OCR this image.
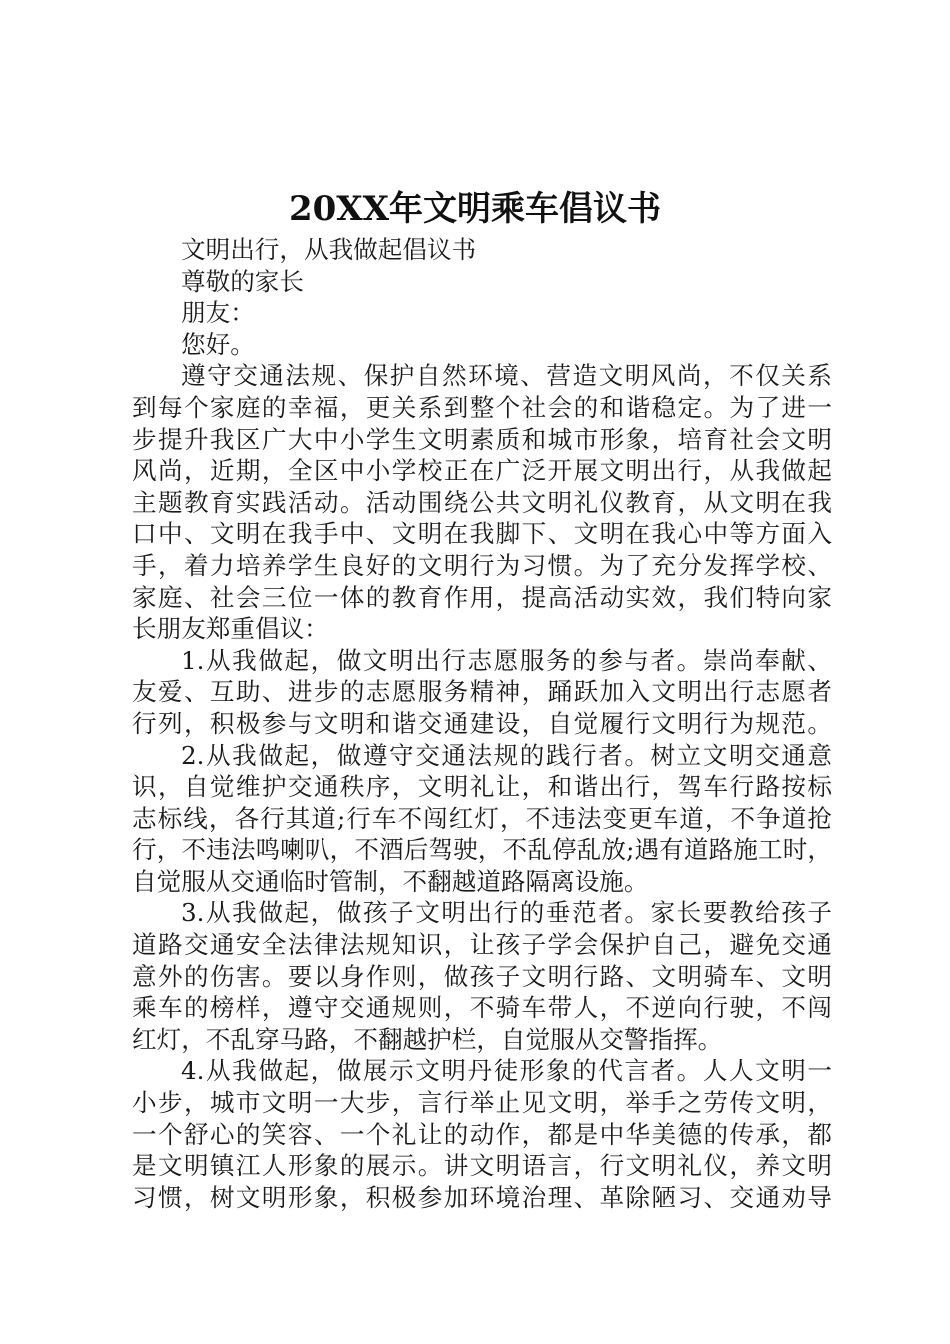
20XX年文明乘车倡议书
文明出行，从我做起倡议书
尊敬的家长
朋友：
您好。
遵守交通法规、保护自然环境、营造文明风尚，不仅关系
到每个家庭的幸福，更关系到整个社会的和谐稳定。为了进一
步提升我区广大中小学生文明素质和城市形象，培育社会文明
风尚，近期，全区中小学校正在广泛开展文明出行，从我做起
主题教育实践活动。活动围绕公共文明礼仪教育，从文明在我
口中、文明在我手中、文明在我脚下、文明在我心中等方面入
手，着力培养学生良好的文明行为习惯。为了充分发挥学校、
家庭、社会三位一体的教育作用，提高活动实效，我们特向家
长朋友郑重倡议：
1.从我做起，做文明出行志愿服务的参与者。崇尚奉献、
友爱、互助、进步的志愿服务精神，踊跃加入文明出行志愿者
行列，积极参与文明和谐交通建设，自觉履行文明行为规范。
2.从我做起，做遵守交通法规的践行者。树立文明交通意
识，自觉维护交通秩序，文明礼让，和谐出行，驾车行路按标
志标线，各行其道;行车不闯红灯，不违法变更车道，不争道抢
行，不违法鸣喇叭，不酒后驾驶，不乱停乱放;遇有道路施工时，
自觉服从交通临时管制，不翻越道路隔离设施。
3.从我做起，做孩子文明出行的垂范者。家长要教给孩子
道路交通安全法律法规知识，让孩子学会保护自己，避免交通
意外的伤害。要以身作则，做孩子文明行路、文明骑车、文明
乘车的榜样，遵守交通规则，不骑车带人，不逆向行驶，不闯
红灯，不乱穿马路，不翻越护栏，自觉服从交警指挥。
4.从我做起，做展示文明丹徒形象的代言者。人人文明一
小步，城市文明一大步，言行举止见文明，举手之劳传文明，
一个舒心的笑容、一个礼让的动作，都是中华美德的传承，都
是文明镇江人形象的展示。讲文明语言，行文明礼仪，养文明
习惯，树文明形象，积极参加环境治理、革除陋习、交通劝导
